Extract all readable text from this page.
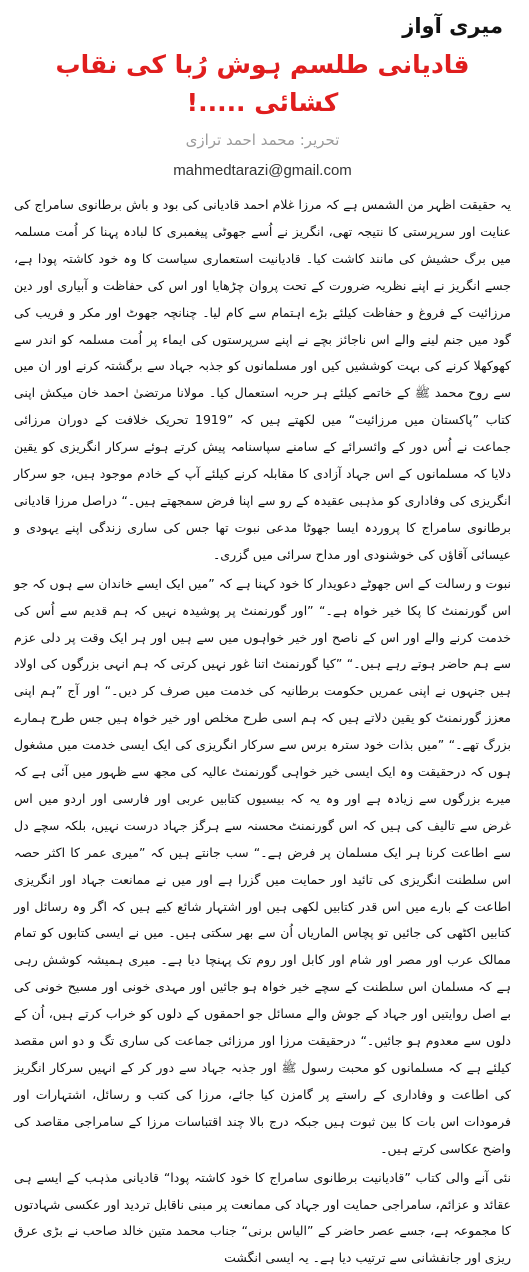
میری آواز
قادیانی طلسم ہوش رُبا کی نقاب کشائی .....!
تحریر: محمد احمد ترازی
mahmedtarazi@gmail.com

یہ حقیقت اظہر من الشمس ہے کہ مرزا غلام احمد قادیانی کی بود و باش برطانوی سامراج کی عنایت اور سرپرستی کا نتیجہ تھی، انگریز نے اُسے جھوٹی پیغمبری کا لبادہ پہنا کر اُمت مسلمہ میں برگ حشیش کی مانند کاشت کیا۔ قادیانیت استعماری سیاست کا وہ خود کاشتہ پودا ہے، جسے انگریز نے اپنے نظریہ ضرورت کے تحت پروان چڑھایا اور اس کی حفاظت و آبیاری اور دین مرزائیت کے فروغ و حفاظت کیلئے بڑے اہتمام سے کام لیا۔ چنانچہ جھوٹ اور مکر و فریب کی گود میں جنم لینے والے اس ناجائز بچے نے اپنے سرپرستوں کی ایماء پر اُمت مسلمہ کو اندر سے کھوکھلا کرنے کی بہت کوششیں کیں اور مسلمانوں کو جذبہ جہاد سے برگشتہ کرنے اور ان میں سے روح محمد ﷺ کے خاتمے کیلئے ہر حربہ استعمال کیا۔ مولانا مرتضیٰ احمد خان میکش اپنی کتاب ”پاکستان میں مرزائیت“ میں لکھتے ہیں کہ ”1919 تحریک خلافت کے دوران مرزائی جماعت نے اُس دور کے وائسرائے کے سامنے سپاسنامہ پیش کرتے ہوئے سرکار انگریزی کو یقین دلایا کہ مسلمانوں کے اس جہاد آزادی کا مقابلہ کرنے کیلئے آپ کے خادم موجود ہیں، جو سرکار انگریزی کی وفاداری کو مذہبی عقیدہ کے رو سے اپنا فرض سمجھتے ہیں۔“ دراصل مرزا قادیانی برطانوی سامراج کا پروردہ ایسا جھوٹا مدعی نبوت تھا جس کی ساری زندگی اپنے یہودی و عیسائی آقاؤں کی خوشنودی اور مداح سرائی میں گزری۔

نبوت و رسالت کے اس جھوٹے دعویدار کا خود کہنا ہے کہ ”میں ایک ایسے خاندان سے ہوں کہ جو اس گورنمنٹ کا پکا خیر خواہ ہے۔“ ”اور گورنمنٹ پر پوشیدہ نہیں کہ ہم قدیم سے اُس کی خدمت کرنے والے اور اس کے ناصح اور خیر خواہوں میں سے ہیں اور ہر ایک وقت پر دلی عزم سے ہم حاضر ہوتے رہے ہیں۔“ ”کیا گورنمنٹ اتنا غور نہیں کرتی کہ ہم انہی بزرگوں کی اولاد ہیں جنہوں نے اپنی عمریں حکومت برطانیہ کی خدمت میں صرف کر دیں۔“ اور آج ”ہم اپنی معزز گورنمنٹ کو یقین دلاتے ہیں کہ ہم اسی طرح مخلص اور خیر خواہ ہیں جس طرح ہمارے بزرگ تھے۔“ ”میں بذات خود سترہ برس سے سرکار انگریزی کی ایک ایسی خدمت میں مشغول ہوں کہ درحقیقت وہ ایک ایسی خیر خواہی گورنمنٹ عالیہ کی مجھ سے ظہور میں آئی ہے کہ میرے بزرگوں سے زیادہ ہے اور وہ یہ کہ بیسیوں کتابیں عربی اور فارسی اور اردو میں اس غرض سے تالیف کی ہیں کہ اس گورنمنٹ محسنہ سے ہرگز جہاد درست نہیں، بلکہ سچے دل سے اطاعت کرنا ہر ایک مسلمان پر فرض ہے۔“ سب جانتے ہیں کہ ”میری عمر کا اکثر حصہ اس سلطنت انگریزی کی تائید اور حمایت میں گزرا ہے اور میں نے ممانعت جہاد اور انگریزی اطاعت کے بارے میں اس قدر کتابیں لکھی ہیں اور اشتہار شائع کیے ہیں کہ اگر وہ رسائل اور کتابیں اکٹھی کی جائیں تو پچاس الماریاں اُن سے بھر سکتی ہیں۔ میں نے ایسی کتابوں کو تمام ممالک عرب اور مصر اور شام اور کابل اور روم تک پہنچا دیا ہے۔ میری ہمیشہ کوشش رہی ہے کہ مسلمان اس سلطنت کے سچے خیر خواہ ہو جائیں اور مہدی خونی اور مسیح خونی کی بے اصل روایتیں اور جہاد کے جوش والے مسائل جو احمقوں کے دلوں کو خراب کرتے ہیں، اُن کے دلوں سے معدوم ہو جائیں۔“ درحقیقت مرزا اور مرزائی جماعت کی ساری تگ و دو اس مقصد کیلئے ہے کہ مسلمانوں کو محبت رسول ﷺ اور جذبہ جہاد سے دور کر کے انہیں سرکار انگریز کی اطاعت و وفاداری کے راستے پر گامزن کیا جائے، مرزا کی کتب و رسائل، اشتہارات اور فرمودات اس بات کا بین ثبوت ہیں جبکہ درج بالا چند اقتباسات مرزا کے سامراجی مقاصد کی واضح عکاسی کرتے ہیں۔

نئی آنے والی کتاب ”قادیانیت برطانوی سامراج کا خود کاشتہ پودا“ قادیانی مذہب کے ایسے ہی عقائد و عزائم، سامراجی حمایت اور جہاد کی ممانعت پر مبنی ناقابل تردید اور عکسی شہادتوں کا مجموعہ ہے، جسے عصر حاضر کے ”الیاس برنی“ جناب محمد متین خالد صاحب نے بڑی عرق ریزی اور جانفشانی سے ترتیب دیا ہے۔ یہ ایسی انگشت
